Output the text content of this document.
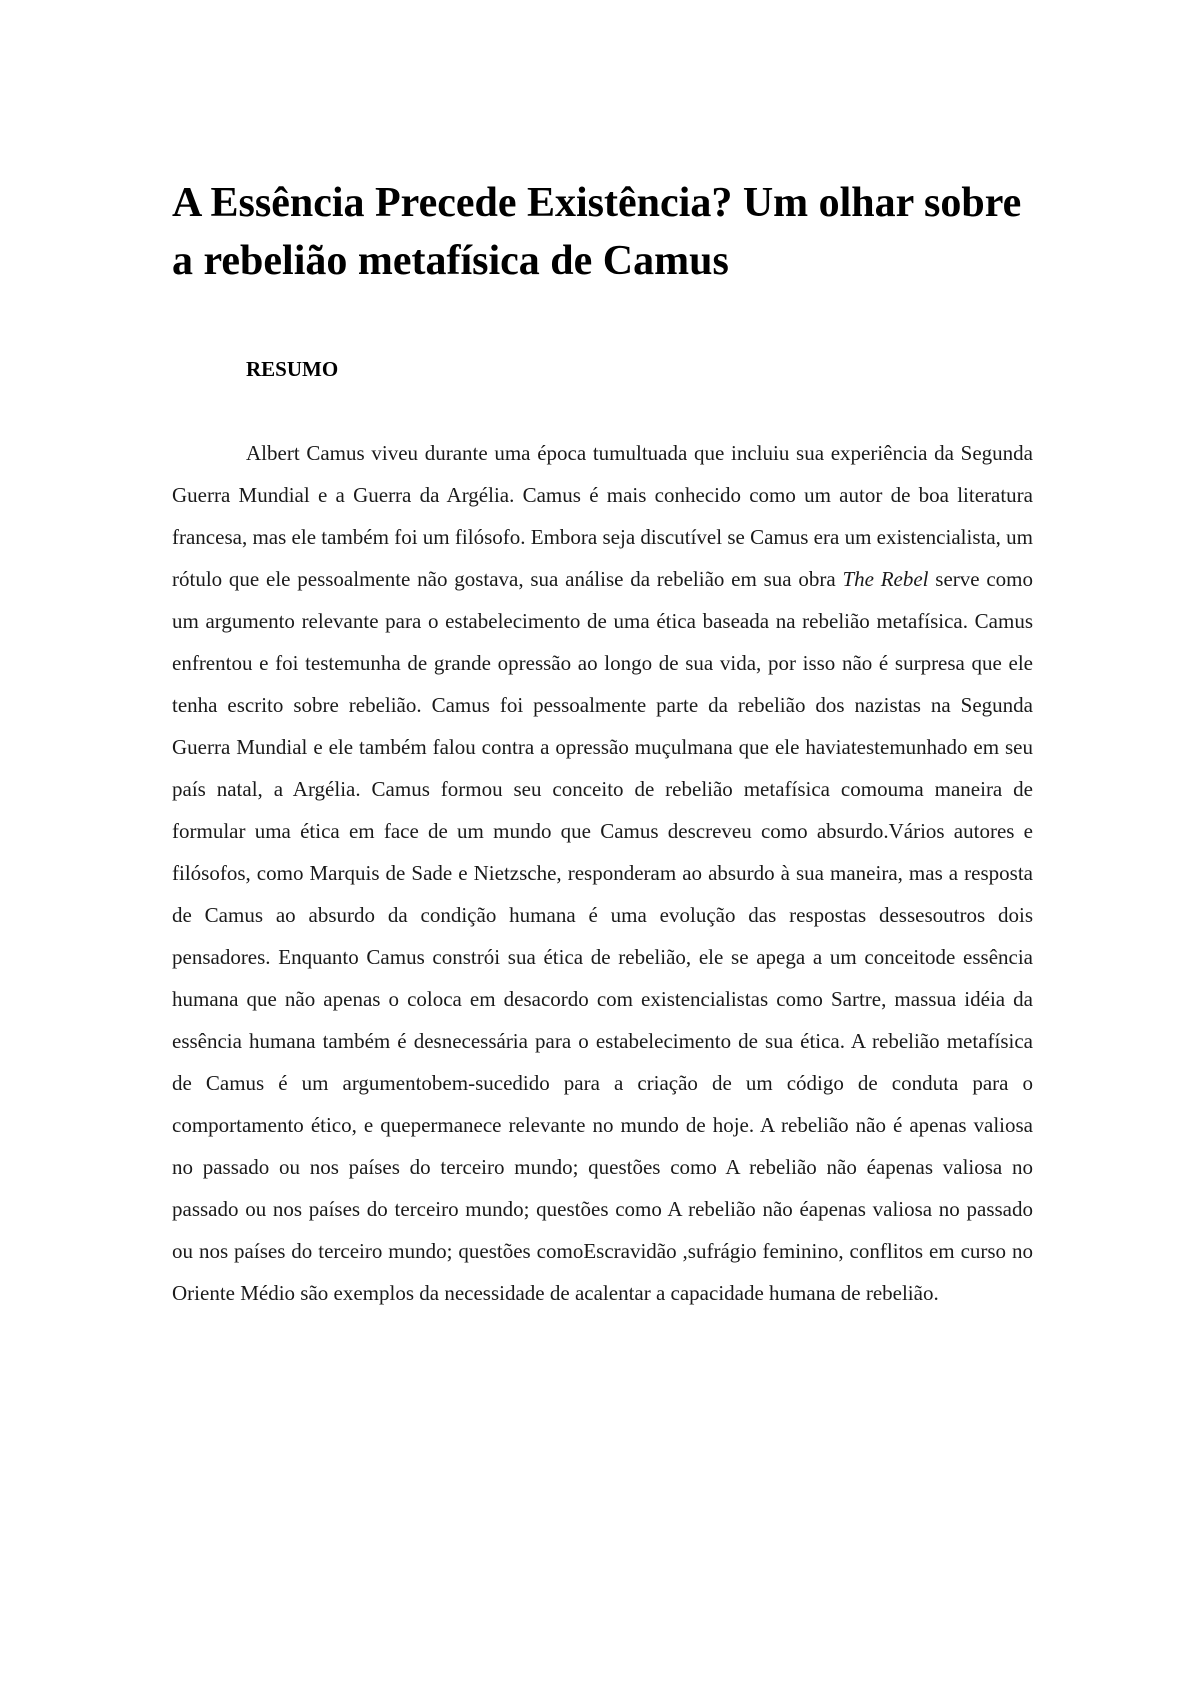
A Essência Precede Existência? Um olhar sobre a rebelião metafísica de Camus
RESUMO

Albert Camus viveu durante uma época tumultuada que incluiu sua experiência da Segunda Guerra Mundial e a Guerra da Argélia. Camus é mais conhecido como um autor de boa literatura francesa, mas ele também foi um filósofo. Embora seja discutível se Camus era um existencialista, um rótulo que ele pessoalmente não gostava, sua análise da rebelião em sua obra The Rebel serve como um argumento relevante para o estabelecimento de uma ética baseada na rebelião metafísica. Camus enfrentou e foi testemunha de grande opressão ao longo de sua vida, por isso não é surpresa que ele tenha escrito sobre rebelião. Camus foi pessoalmente parte da rebelião dos nazistas na Segunda Guerra Mundial e ele também falou contra a opressão muçulmana que ele haviatestemunhado em seu país natal, a Argélia. Camus formou seu conceito de rebelião metafísica comouma maneira de formular uma ética em face de um mundo que Camus descreveu como absurdo.Vários autores e filósofos, como Marquis de Sade e Nietzsche, responderam ao absurdo à sua maneira, mas a resposta de Camus ao absurdo da condição humana é uma evolução das respostas dessesoutros dois pensadores. Enquanto Camus constrói sua ética de rebelião, ele se apega a um conceitode essência humana que não apenas o coloca em desacordo com existencialistas como Sartre, massua idéia da essência humana também é desnecessária para o estabelecimento de sua ética. A rebelião metafísica de Camus é um argumentobem-sucedido para a criação de um código de conduta para o comportamento ético, e quepermanece relevante no mundo de hoje. A rebelião não é apenas valiosa no passado ou nos países do terceiro mundo; questões como A rebelião não éapenas valiosa no passado ou nos países do terceiro mundo; questões como A rebelião não éapenas valiosa no passado ou nos países do terceiro mundo; questões comoEscravidão ,sufrágio feminino, conflitos em curso no Oriente Médio são exemplos da necessidade de acalentar a capacidade humana de rebelião.
